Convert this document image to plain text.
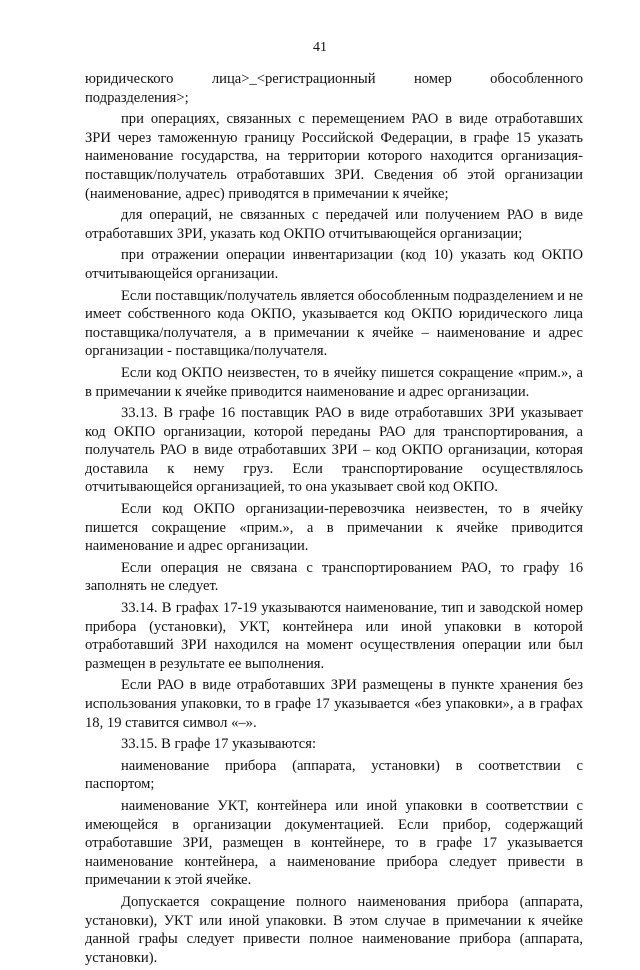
41

юридического лица>_<регистрационный номер обособленного подразделения>;

при операциях, связанных с перемещением РАО в виде отработавших ЗРИ через таможенную границу Российской Федерации, в графе 15 указать наименование государства, на территории которого находится организация-поставщик/получатель отработавших ЗРИ. Сведения об этой организации (наименование, адрес) приводятся в примечании к ячейке;

для операций, не связанных с передачей или получением РАО в виде отработавших ЗРИ, указать код ОКПО отчитывающейся организации;

при отражении операции инвентаризации (код 10) указать код ОКПО отчитывающейся организации.

Если поставщик/получатель является обособленным подразделением и не имеет собственного кода ОКПО, указывается код ОКПО юридического лица поставщика/получателя, а в примечании к ячейке – наименование и адрес организации - поставщика/получателя.

Если код ОКПО неизвестен, то в ячейку пишется сокращение «прим.», а в примечании к ячейке приводится наименование и адрес организации.

33.13. В графе 16 поставщик РАО в виде отработавших ЗРИ указывает код ОКПО организации, которой переданы РАО для транспортирования, а получатель РАО в виде отработавших ЗРИ – код ОКПО организации, которая доставила к нему груз. Если транспортирование осуществлялось отчитывающейся организацией, то она указывает свой код ОКПО.

Если код ОКПО организации-перевозчика неизвестен, то в ячейку пишется сокращение «прим.», а в примечании к ячейке приводится наименование и адрес организации.

Если операция не связана с транспортированием РАО, то графу 16 заполнять не следует.

33.14. В графах 17-19 указываются наименование, тип и заводской номер прибора (установки), УКТ, контейнера или иной упаковки в которой отработавший ЗРИ находился на момент осуществления операции или был размещен в результате ее выполнения.

Если РАО в виде отработавших ЗРИ размещены в пункте хранения без использования упаковки, то в графе 17 указывается «без упаковки», а в графах 18, 19 ставится символ «–».

33.15. В графе 17 указываются:

наименование прибора (аппарата, установки) в соответствии с паспортом;

наименование УКТ, контейнера или иной упаковки в соответствии с имеющейся в организации документацией. Если прибор, содержащий отработавшие ЗРИ, размещен в контейнере, то в графе 17 указывается наименование контейнера, а наименование прибора следует привести в примечании к этой ячейке.

Допускается сокращение полного наименования прибора (аппарата, установки), УКТ или иной упаковки. В этом случае в примечании к ячейке данной графы следует привести полное наименование прибора (аппарата, установки).
